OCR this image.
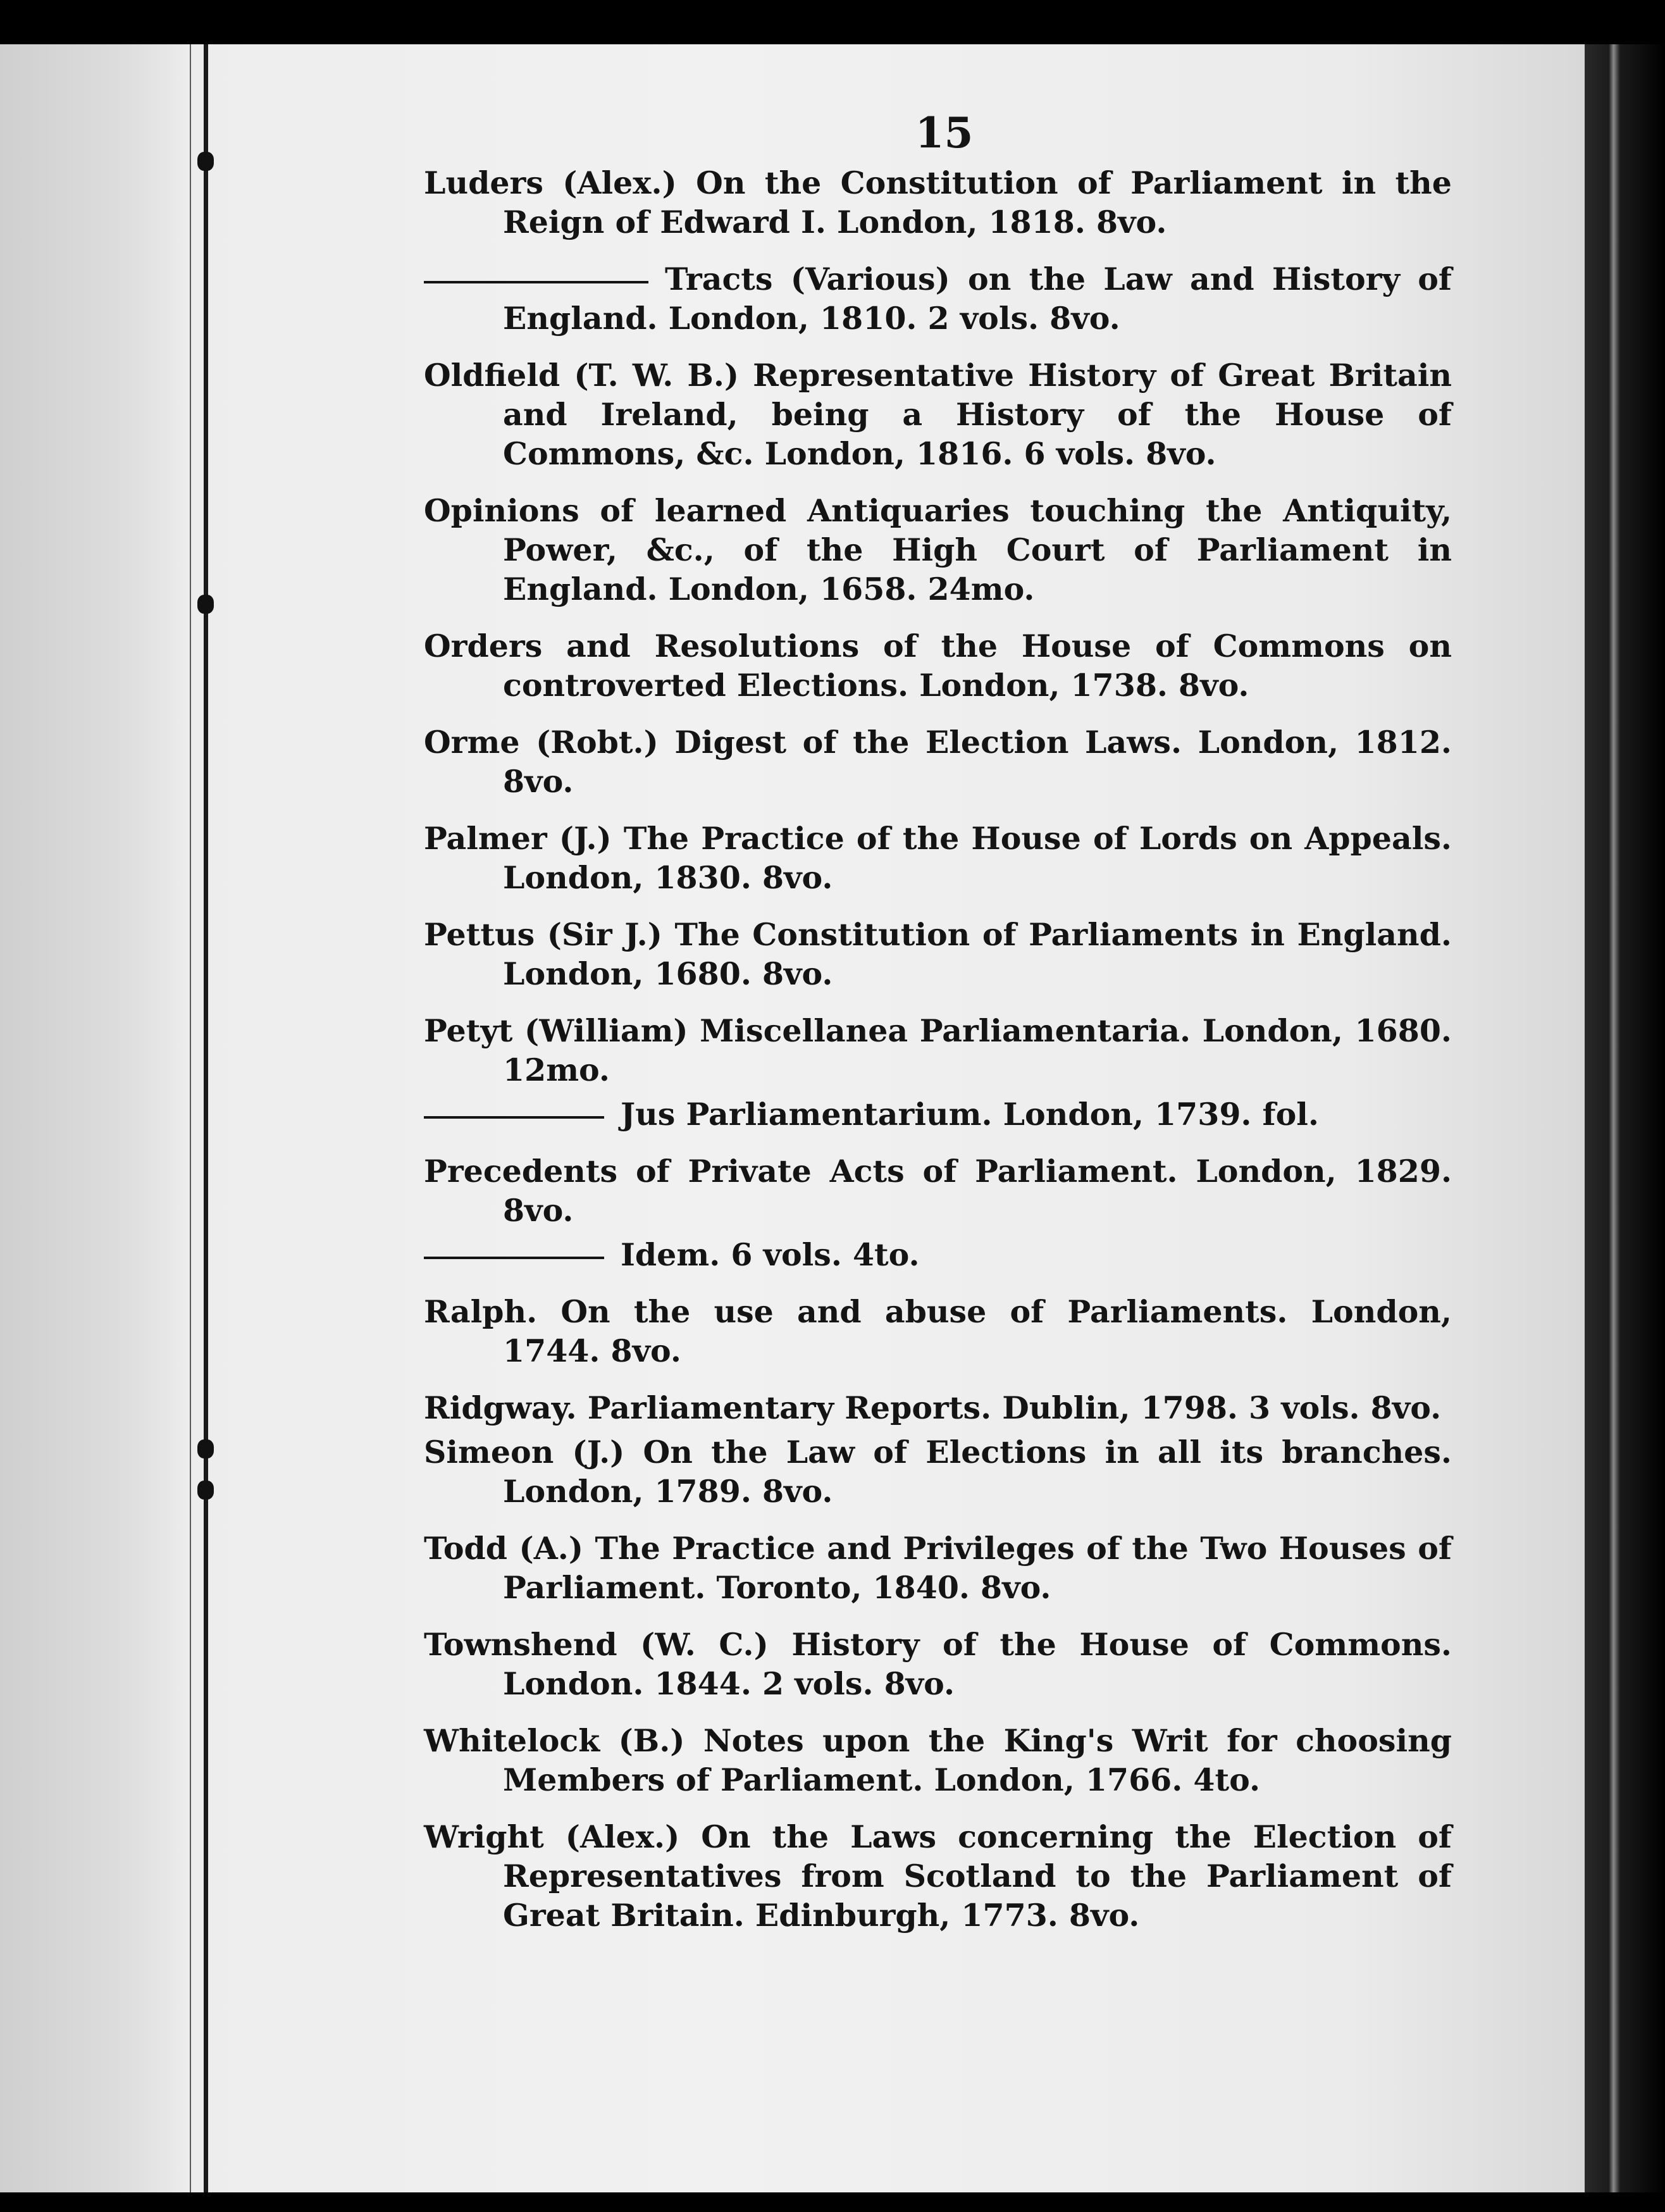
15
Luders (Alex.) On the Constitution of Parliament in the Reign of Edward I. London, 1818. 8vo.
Tracts (Various) on the Law and History of England. London, 1810. 2 vols. 8vo.
Oldfield (T. W. B.) Representative History of Great Britain and Ireland, being a History of the House of Commons, &c. London, 1816. 6 vols. 8vo.
Opinions of learned Antiquaries touching the Antiquity, Power, &c., of the High Court of Parliament in England. London, 1658. 24mo.
Orders and Resolutions of the House of Commons on controverted Elections. London, 1738. 8vo.
Orme (Robt.) Digest of the Election Laws. London, 1812. 8vo.
Palmer (J.) The Practice of the House of Lords on Appeals. London, 1830. 8vo.
Pettus (Sir J.) The Constitution of Parliaments in England. London, 1680. 8vo.
Petyt (William) Miscellanea Parliamentaria. London, 1680. 12mo.
Jus Parliamentarium. London, 1739. fol.
Precedents of Private Acts of Parliament. London, 1829. 8vo.
Idem. 6 vols. 4to.
Ralph. On the use and abuse of Parliaments. London, 1744. 8vo.
Ridgway. Parliamentary Reports. Dublin, 1798. 3 vols. 8vo.
Simeon (J.) On the Law of Elections in all its branches. London, 1789. 8vo.
Todd (A.) The Practice and Privileges of the Two Houses of Parliament. Toronto, 1840. 8vo.
Townshend (W. C.) History of the House of Commons. London. 1844. 2 vols. 8vo.
Whitelock (B.) Notes upon the King's Writ for choosing Members of Parliament. London, 1766. 4to.
Wright (Alex.) On the Laws concerning the Election of Representatives from Scotland to the Parliament of Great Britain. Edinburgh, 1773. 8vo.
